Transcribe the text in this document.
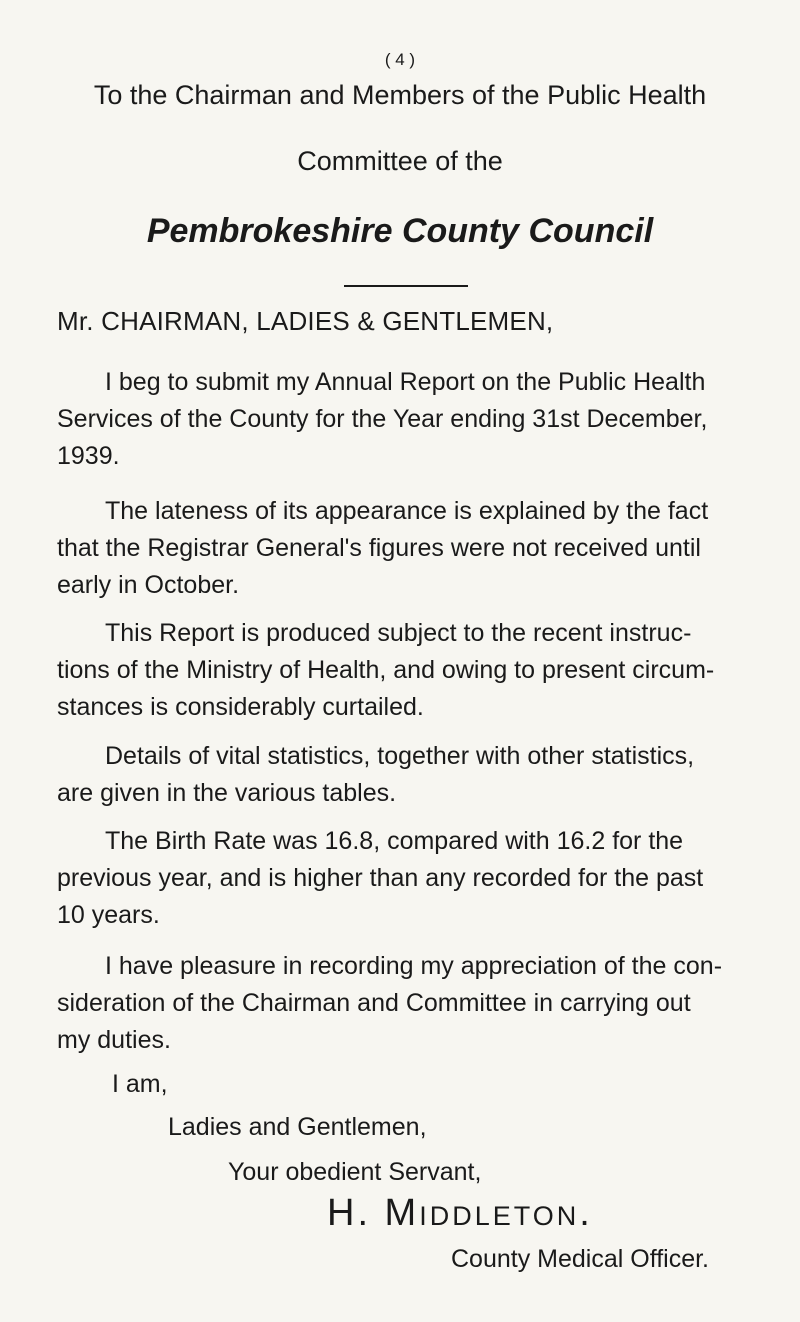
( 4 )
To the Chairman and Members of the Public Health
Committee of the
Pembrokeshire County Council
Mr. CHAIRMAN, LADIES & GENTLEMEN,

I beg to submit my Annual Report on the Public Health
Services of the County for the Year ending 31st December,
1939.

The lateness of its appearance is explained by the fact
that the Registrar General's figures were not received until
early in October.

This Report is produced subject to the recent instruc-
tions of the Ministry of Health, and owing to present circum-
stances is considerably curtailed.

Details of vital statistics, together with other statistics,
are given in the various tables.

The Birth Rate was 16.8, compared with 16.2 for the
previous year, and is higher than any recorded for the past
10 years.

I have pleasure in recording my appreciation of the con-
sideration of the Chairman and Committee in carrying out
my duties.

I am,
Ladies and Gentlemen,
Your obedient Servant,
H. Middleton.
County Medical Officer.
